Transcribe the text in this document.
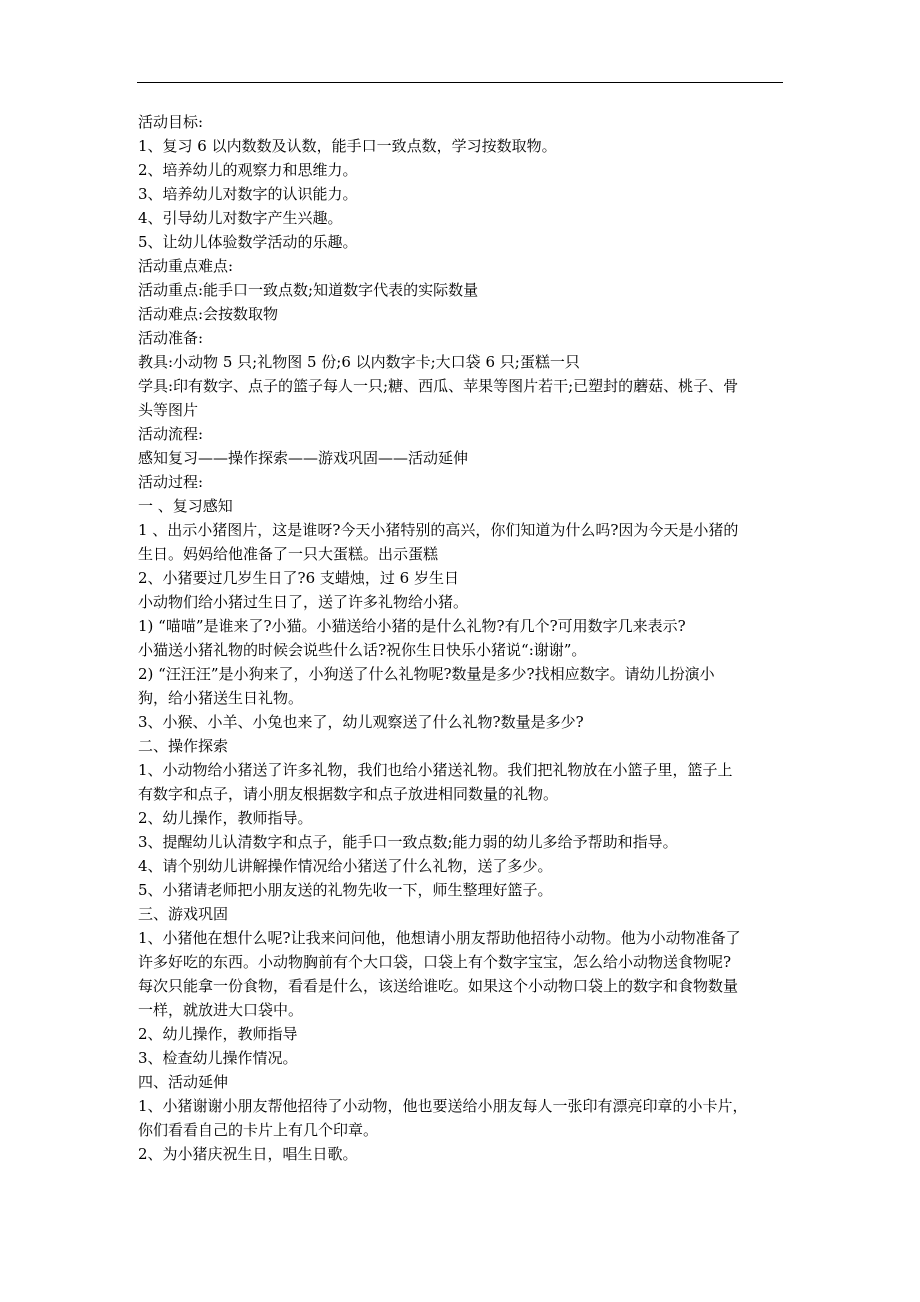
活动目标:
1、复习 6 以内数数及认数，能手口一致点数，学习按数取物。
2、培养幼儿的观察力和思维力。
3、培养幼儿对数字的认识能力。
4、引导幼儿对数字产生兴趣。
5、让幼儿体验数学活动的乐趣。
活动重点难点:
活动重点:能手口一致点数;知道数字代表的实际数量
活动难点:会按数取物
活动准备:
教具:小动物 5 只;礼物图 5 份;6 以内数字卡;大口袋 6 只;蛋糕一只
学具:印有数字、点子的篮子每人一只;糖、西瓜、苹果等图片若干;已塑封的蘑菇、桃子、骨
头等图片
活动流程:
感知复习——操作探索——游戏巩固——活动延伸
活动过程:
一 、复习感知
1 、出示小猪图片，这是谁呀?今天小猪特别的高兴，你们知道为什么吗?因为今天是小猪的
生日。妈妈给他准备了一只大蛋糕。出示蛋糕
2、小猪要过几岁生日了?6 支蜡烛，过 6 岁生日
小动物们给小猪过生日了，送了许多礼物给小猪。
1) “喵喵”是谁来了?小猫。小猫送给小猪的是什么礼物?有几个?可用数字几来表示?
小猫送小猪礼物的时候会说些什么话?祝你生日快乐小猪说“:谢谢”。
2) “汪汪汪”是小狗来了，小狗送了什么礼物呢?数量是多少?找相应数字。请幼儿扮演小
狗，给小猪送生日礼物。
3、小猴、小羊、小兔也来了，幼儿观察送了什么礼物?数量是多少?
二、操作探索
1、小动物给小猪送了许多礼物，我们也给小猪送礼物。我们把礼物放在小篮子里，篮子上
有数字和点子，请小朋友根据数字和点子放进相同数量的礼物。
2、幼儿操作，教师指导。
3、提醒幼儿认清数字和点子，能手口一致点数;能力弱的幼儿多给予帮助和指导。
4、请个别幼儿讲解操作情况给小猪送了什么礼物，送了多少。
5、小猪请老师把小朋友送的礼物先收一下，师生整理好篮子。
三、游戏巩固
1、小猪他在想什么呢?让我来问问他，他想请小朋友帮助他招待小动物。他为小动物准备了
许多好吃的东西。小动物胸前有个大口袋，口袋上有个数字宝宝，怎么给小动物送食物呢?
每次只能拿一份食物，看看是什么，该送给谁吃。如果这个小动物口袋上的数字和食物数量
一样，就放进大口袋中。
2、幼儿操作，教师指导
3、检查幼儿操作情况。
四、活动延伸
1、小猪谢谢小朋友帮他招待了小动物，他也要送给小朋友每人一张印有漂亮印章的小卡片，
你们看看自己的卡片上有几个印章。
2、为小猪庆祝生日，唱生日歌。
